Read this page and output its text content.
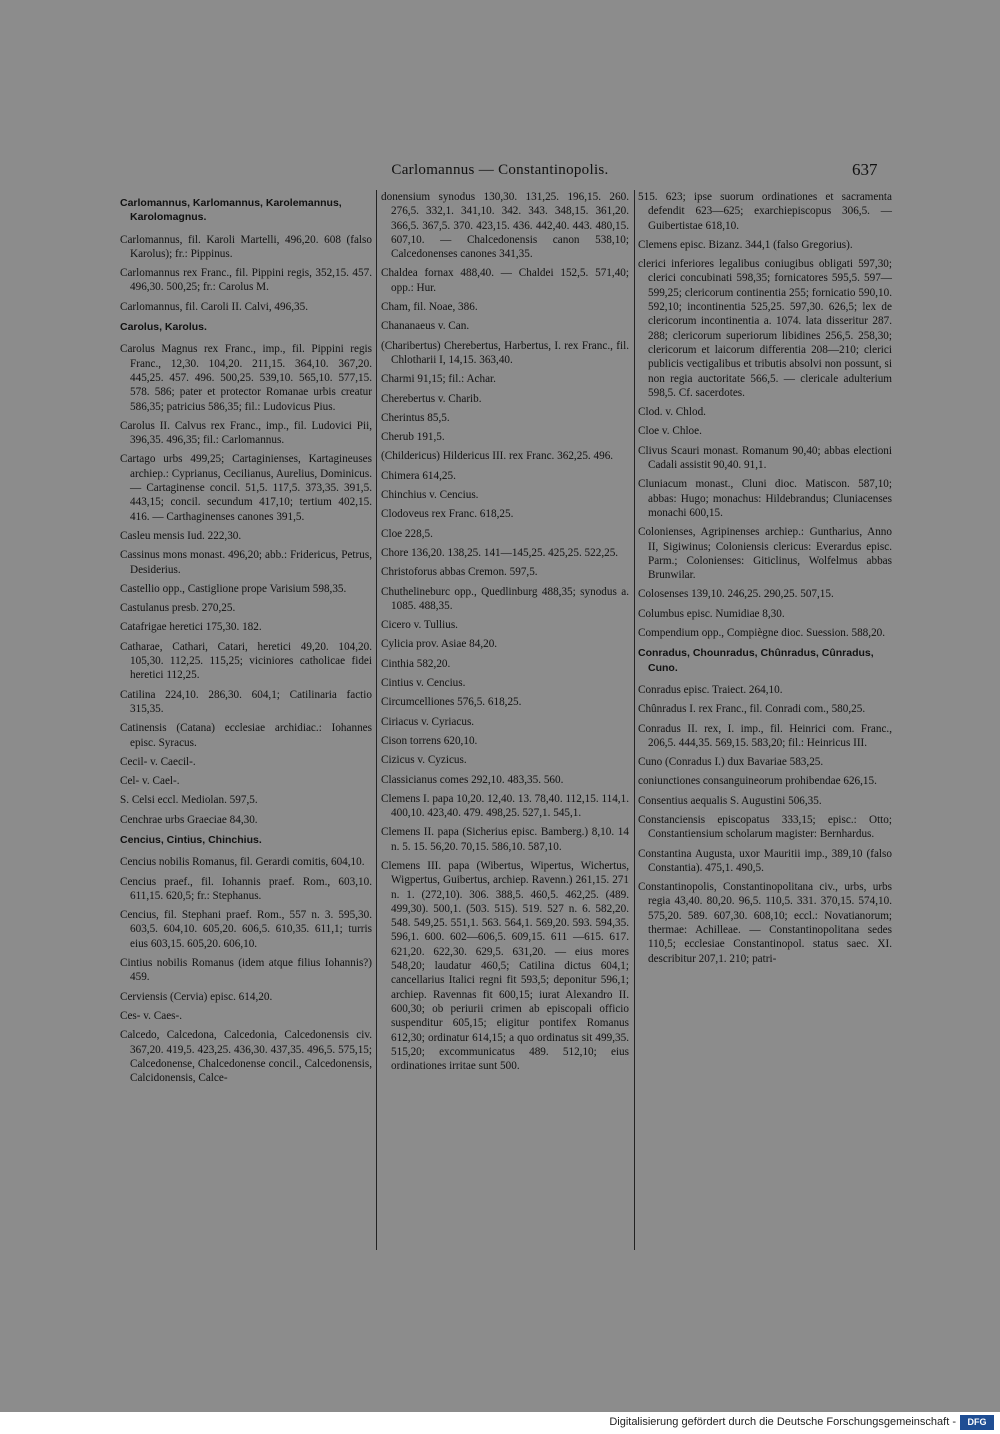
Carlomannus — Constantinopolis.	637
Carlomannus, Karlomannus, Karolemannus, Karolomagnus.
Carlomannus, fil. Karoli Martelli, 496,20. 608 (falso Karolus); fr.: Pippinus.
Carlomannus rex Franc., fil. Pippini regis, 352,15. 457. 496,30. 500,25; fr.: Carolus M.
Carlomannus, fil. Caroli II. Calvi, 496,35.
Carolus, Karolus.
Carolus Magnus rex Franc., imp., fil. Pippini regis Franc., 12,30. 104,20. 211,15. 364,10. 367,20. 445,25. 457. 496. 500,25. 539,10. 565,10. 577,15. 578. 586; pater et protector Romanae urbis creatur 586,35; patricius 586,35; fil.: Ludovicus Pius.
Carolus II. Calvus rex Franc., imp., fil. Ludovici Pii, 396,35. 496,35; fil.: Carlomannus.
Cartago urbs 499,25; Cartaginienses, Kartagineuses archiep.: Cyprianus, Cecilianus, Aurelius, Dominicus. — Cartaginense concil. 51,5. 117,5. 373,35. 391,5. 443,15; concil. secundum 417,10; tertium 402,15. 416. — Carthaginenses canones 391,5.
Casleu mensis Iud. 222,30.
Cassinus mons monast. 496,20; abb.: Fridericus, Petrus, Desiderius.
Castellio opp., Castiglione prope Varisium 598,35.
Castulanus presb. 270,25.
Catafrigae heretici 175,30. 182.
Catharae, Cathari, Catari, heretici 49,20. 104,20. 105,30. 112,25. 115,25; viciniores catholicae fidei heretici 112,25.
Catilina 224,10. 286,30. 604,1; Catilinaria factio 315,35.
Catinensis (Catana) ecclesiae archidiac.: Iohannes episc. Syracus.
Cecil- v. Caecil-.
Cel- v. Cael-.
S. Celsi eccl. Mediolan. 597,5.
Cenchrae urbs Graeciae 84,30.
Cencius, Cintius, Chinchius.
Cencius nobilis Romanus, fil. Gerardi comitis, 604,10.
Cencius praef., fil. Iohannis praef. Rom., 603,10. 611,15. 620,5; fr.: Stephanus.
Cencius, fil. Stephani praef. Rom., 557 n. 3. 595,30. 603,5. 604,10. 605,20. 606,5. 610,35. 611,1; turris eius 603,15. 605,20. 606,10.
Cintius nobilis Romanus (idem atque filius Iohannis?) 459.
Cerviensis (Cervia) episc. 614,20.
Ces- v. Caes-.
Calcedo, Calcedona, Calcedonia, Calcedonensis civ. 367,20. 419,5. 423,25. 436,30. 437,35. 496,5. 575,15; Calcedonense, Chalcedonense concil., Calcedonensis, Calcidonensis, Calce-
donensium synodus 130,30. 131,25. 196,15. 260. 276,5. 332,1. 341,10. 342. 343. 348,15. 361,20. 366,5. 367,5. 370. 423,15. 436. 442,40. 443. 480,15. 607,10. — Chalcedonensis canon 538,10; Calcedonenses canones 341,35.
Chaldea fornax 488,40. — Chaldei 152,5. 571,40; opp.: Hur.
Cham, fil. Noae, 386.
Chananaeus v. Can.
(Charibertus) Cherebertus, Harbertus, I. rex Franc., fil. Chlotharii I, 14,15. 363,40.
Charmi 91,15; fil.: Achar.
Cherebertus v. Charib.
Cherintus 85,5.
Cherub 191,5.
(Childericus) Hildericus III. rex Franc. 362,25. 496.
Chimera 614,25.
Chinchius v. Cencius.
Clodoveus rex Franc. 618,25.
Cloe 228,5.
Chore 136,20. 138,25. 141—145,25. 425,25. 522,25.
Christoforus abbas Cremon. 597,5.
Chuthelineburc opp., Quedlinburg 488,35; synodus a. 1085. 488,35.
Cicero v. Tullius.
Cylicia prov. Asiae 84,20.
Cinthia 582,20.
Cintius v. Cencius.
Circumcelliones 576,5. 618,25.
Ciriacus v. Cyriacus.
Cison torrens 620,10.
Cizicus v. Cyzicus.
Classicianus comes 292,10. 483,35. 560.
Clemens I. papa 10,20. 12,40. 13. 78,40. 112,15. 114,1. 400,10. 423,40. 479. 498,25. 527,1. 545,1.
Clemens II. papa (Sicherius episc. Bamberg.) 8,10. 14 n. 5. 15. 56,20. 70,15. 586,10. 587,10.
Clemens III. papa (Wibertus, Wipertus, Wichertus, Wigpertus, Guibertus, archiep. Ravenn.) 261,15. 271 n. 1. (272,10). 306. 388,5. 460,5. 462,25. (489. 499,30). 500,1. (503. 515). 519. 527 n. 6. 582,20. 548. 549,25. 551,1. 563. 564,1. 569,20. 593. 594,35. 596,1. 600. 602—606,5. 609,15. 611 —615. 617. 621,20. 622,30. 629,5. 631,20. — eius mores 548,20; laudatur 460,5; Catilina dictus 604,1; cancellarius Italici regni fit 593,5; deponitur 596,1; archiep. Ravennas fit 600,15; iurat Alexandro II. 600,30; ob periurii crimen ab episcopali officio suspenditur 605,15; eligitur pontifex Romanus 612,30; ordinatur 614,15; a quo ordinatus sit 499,35. 515,20; excommunicatus 489. 512,10; eius ordinationes irritae sunt 500.
515. 623; ipse suorum ordinationes et sacramenta defendit 623—625; exarchiepiscopus 306,5. — Guibertistae 618,10.
Clemens episc. Bizanz. 344,1 (falso Gregorius).
clerici inferiores legalibus coniugibus obligati 597,30; clerici concubinati 598,35; fornicatores 595,5. 597—599,25; clericorum continentia 255; fornicatio 590,10. 592,10; incontinentia 525,25. 597,30. 626,5; lex de clericorum incontinentia a. 1074. lata disseritur 287. 288; clericorum superiorum libidines 256,5. 258,30; clericorum et laicorum differentia 208—210; clerici publicis vectigalibus et tributis absolvi non possunt, si non regia auctoritate 566,5. — clericale adulterium 598,5. Cf. sacerdotes.
Clod. v. Chlod.
Cloe v. Chloe.
Clivus Scauri monast. Romanum 90,40; abbas electioni Cadali assistit 90,40. 91,1.
Cluniacum monast., Cluni dioc. Matiscon. 587,10; abbas: Hugo; monachus: Hildebrandus; Cluniacenses monachi 600,15.
Colonienses, Agripinenses archiep.: Guntharius, Anno II, Sigiwinus; Coloniensis clericus: Everardus episc. Parm.; Colonienses: Giticlinus, Wolfelmus abbas Brunwilar.
Colosenses 139,10. 246,25. 290,25. 507,15.
Columbus episc. Numidiae 8,30.
Compendium opp., Compiègne dioc. Suession. 588,20.
Conradus, Chounradus, Chûnradus, Cûnradus, Cuno.
Conradus episc. Traiect. 264,10.
Chûnradus I. rex Franc., fil. Conradi com., 580,25.
Conradus II. rex, I. imp., fil. Heinrici com. Franc., 206,5. 444,35. 569,15. 583,20; fil.: Heinricus III.
Cuno (Conradus I.) dux Bavariae 583,25.
coniunctiones consanguineorum prohibendae 626,15.
Consentius aequalis S. Augustini 506,35.
Constanciensis episcopatus 333,15; episc.: Otto; Constantiensium scholarum magister: Bernhardus.
Constantina Augusta, uxor Mauritii imp., 389,10 (falso Constantia). 475,1. 490,5.
Constantinopolis, Constantinopolitana civ., urbs, urbs regia 43,40. 80,20. 96,5. 110,5. 331. 370,15. 574,10. 575,20. 589. 607,30. 608,10; eccl.: Novatianorum; thermae: Achilleae. — Constantinopolitana sedes 110,5; ecclesiae Constantinopol. status saec. XI. describitur 207,1. 210; patri-
Digitalisierung gefördert durch die Deutsche Forschungsgemeinschaft -	DFG
